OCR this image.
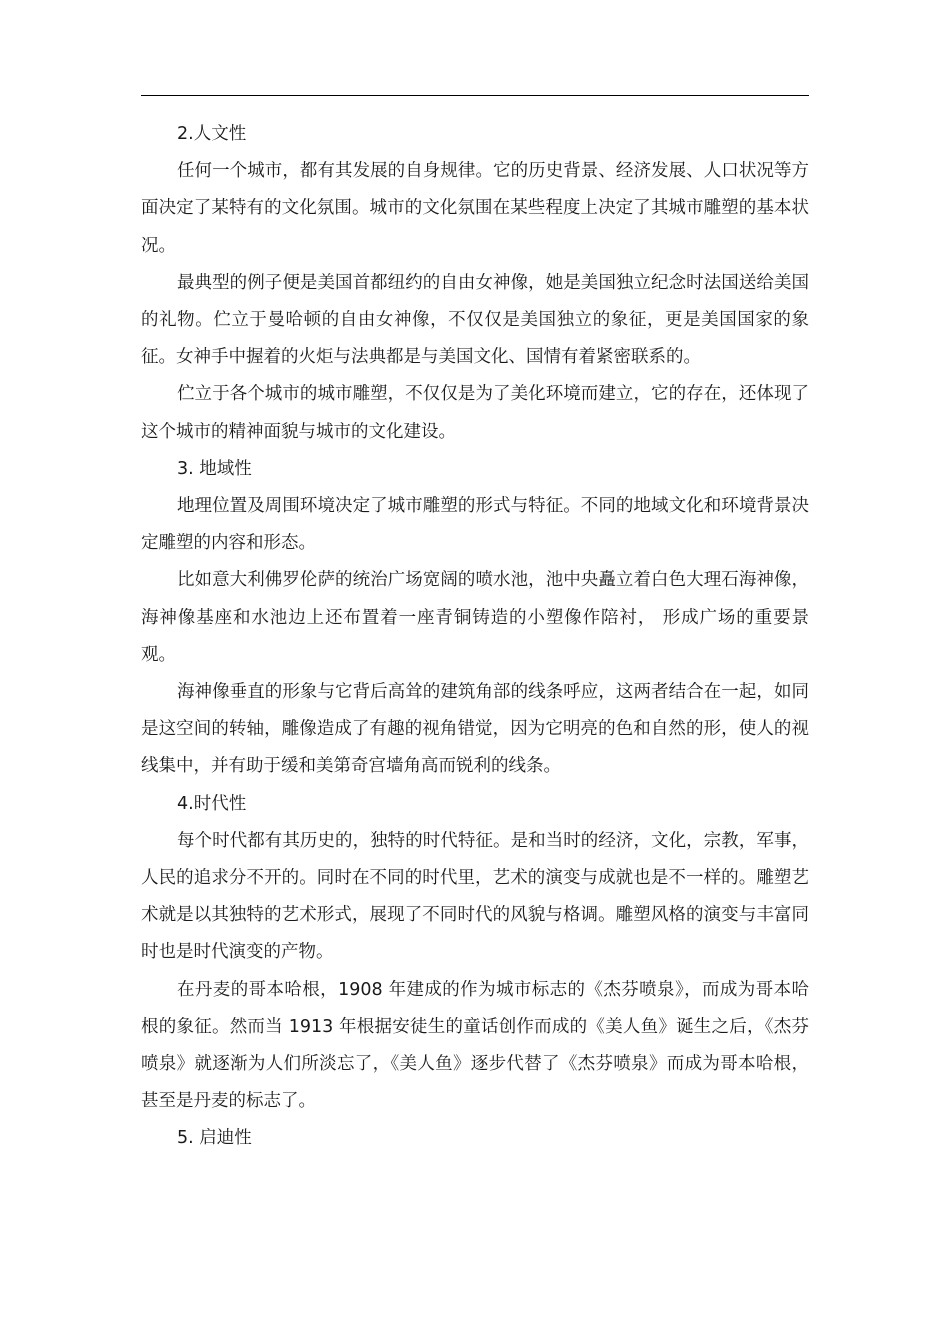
2.人文性

任何一个城市，都有其发展的自身规律。它的历史背景、经济发展、人口状况等方面决定了某特有的文化氛围。城市的文化氛围在某些程度上决定了其城市雕塑的基本状况。

最典型的例子便是美国首都纽约的自由女神像，她是美国独立纪念时法国送给美国的礼物。伫立于曼哈顿的自由女神像，不仅仅是美国独立的象征，更是美国国家的象征。女神手中握着的火炬与法典都是与美国文化、国情有着紧密联系的。

伫立于各个城市的城市雕塑，不仅仅是为了美化环境而建立，它的存在，还体现了这个城市的精神面貌与城市的文化建设。

3. 地域性

地理位置及周围环境决定了城市雕塑的形式与特征。不同的地域文化和环境背景决定雕塑的内容和形态。

比如意大利佛罗伦萨的统治广场宽阔的喷水池，池中央矗立着白色大理石海神像，海神像基座和水池边上还布置着一座青铜铸造的小塑像作陪衬， 形成广场的重要景观。

海神像垂直的形象与它背后高耸的建筑角部的线条呼应，这两者结合在一起，如同是这空间的转轴，雕像造成了有趣的视角错觉，因为它明亮的色和自然的形，使人的视线集中，并有助于缓和美第奇宫墙角高而锐利的线条。

4.时代性

每个时代都有其历史的，独特的时代特征。是和当时的经济，文化，宗教，军事，人民的追求分不开的。同时在不同的时代里，艺术的演变与成就也是不一样的。雕塑艺术就是以其独特的艺术形式，展现了不同时代的风貌与格调。雕塑风格的演变与丰富同时也是时代演变的产物。

在丹麦的哥本哈根，1908 年建成的作为城市标志的《杰芬喷泉》，而成为哥本哈根的象征。然而当 1913 年根据安徒生的童话创作而成的《美人鱼》诞生之后，《杰芬喷泉》就逐渐为人们所淡忘了，《美人鱼》逐步代替了《杰芬喷泉》而成为哥本哈根，甚至是丹麦的标志了。

5. 启迪性
